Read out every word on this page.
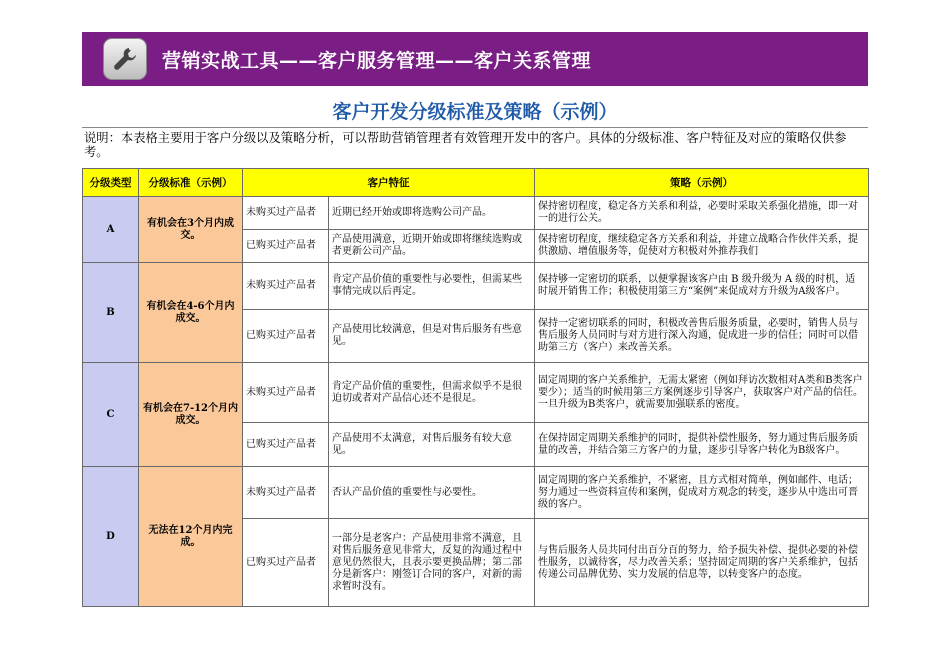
营销实战工具——客户服务管理——客户关系管理
客户开发分级标准及策略（示例）
说明：本表格主要用于客户分级以及策略分析，可以帮助营销管理者有效管理开发中的客户。具体的分级标准、客户特征及对应的策略仅供参考。
分级类型	分级标准（示例）	客户特征		策略（示例）
A	有机会在3个月内成交。	未购买过产品者	近期已经开始或即将选购公司产品。	保持密切程度，稳定各方关系和利益，必要时采取关系强化措施，即一对一的进行公关。
		已购买过产品者	产品使用满意，近期开始或即将继续选购或者更新公司产品。	保持密切程度，继续稳定各方关系和利益，并建立战略合作伙伴关系，提供激励、增值服务等，促使对方积极对外推荐我们
B	有机会在4-6个月内成交。	未购买过产品者	肯定产品价值的重要性与必要性，但需某些事情完成以后再定。	保持够一定密切的联系，以便掌握该客户由 B 级升级为 A 级的时机，适时展开销售工作；积极使用第三方“案例”来促成对方升级为A级客户。
		已购买过产品者	产品使用比较满意，但是对售后服务有些意见。	保持一定密切联系的同时，积极改善售后服务质量，必要时，销售人员与售后服务人员同时与对方进行深入沟通，促成进一步的信任；同时可以借助第三方（客户）来改善关系。
C	有机会在7-12个月内成交。	未购买过产品者	肯定产品价值的重要性，但需求似乎不是很迫切或者对产品信心还不是很足。	固定周期的客户关系维护，无需太紧密（例如拜访次数相对A类和B类客户要少）；适当的时候用第三方案例逐步引导客户，获取客户对产品的信任。一旦升级为B类客户，就需要加强联系的密度。
		已购买过产品者	产品使用不太满意，对售后服务有较大意见。	在保持固定周期关系维护的同时，提供补偿性服务，努力通过售后服务质量的改善，并结合第三方客户的力量，逐步引导客户转化为B级客户。
D	无法在12个月内完成。	未购买过产品者	否认产品价值的重要性与必要性。	固定周期的客户关系维护，不紧密，且方式相对简单，例如邮件、电话；努力通过一些资料宣传和案例，促成对方观念的转变，逐步从中选出可晋级的客户。
		已购买过产品者	一部分是老客户：产品使用非常不满意，且对售后服务意见非常大，反复的沟通过程中意见仍然很大，且表示要更换品牌；第二部分是新客户：刚签订合同的客户，对新的需求暂时没有。	与售后服务人员共同付出百分百的努力，给予损失补偿、提供必要的补偿性服务，以诚待客，尽力改善关系；坚持固定周期的客户关系维护，包括传递公司品牌优势、实力发展的信息等，以转变客户的态度。
